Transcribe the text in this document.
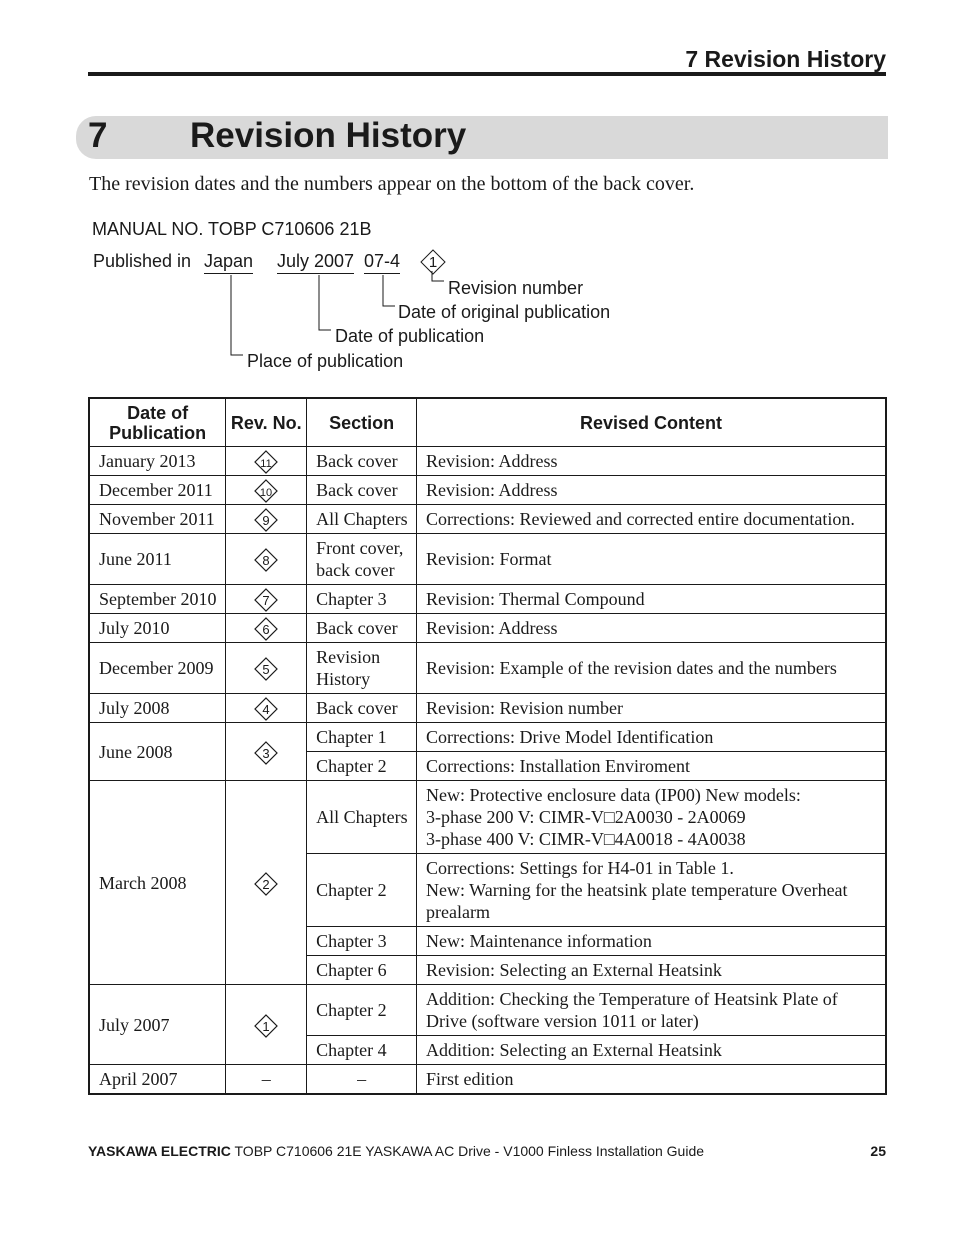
7 Revision History
7 Revision History
The revision dates and the numbers appear on the bottom of the back cover.
1
MANUAL NO. TOBP C710606 21B
Published in Japan July 2007 07-4
Revision number
Date of original publication
Date of publication
Place of publication
Date of Publication	Rev. No.	Section	Revised Content
January 2013	11	Back cover	Revision: Address
December 2011	10	Back cover	Revision: Address
November 2011	9	All Chapters	Corrections: Reviewed and corrected entire documentation.
June 2011	8	Front cover, back cover	Revision: Format
September 2010	7	Chapter 3	Revision: Thermal Compound
July 2010	6	Back cover	Revision: Address
December 2009	5	Revision History	Revision: Example of the revision dates and the numbers
July 2008	4	Back cover	Revision: Revision number
June 2008	3	Chapter 1	Corrections: Drive Model Identification
		Chapter 2	Corrections: Installation Enviroment
March 2008	2	All Chapters	New: Protective enclosure data (IP00) New models:
3-phase 200 V: CIMR-V□2A0030 - 2A0069
3-phase 400 V: CIMR-V□4A0018 - 4A0038
		Chapter 2	Corrections: Settings for H4-01 in Table 1.
New: Warning for the heatsink plate temperature Overheat prealarm
		Chapter 3	New: Maintenance information
		Chapter 6	Revision: Selecting an External Heatsink
July 2007	1	Chapter 2	Addition: Checking the Temperature of Heatsink Plate of Drive (software version 1011 or later)
		Chapter 4	Addition: Selecting an External Heatsink
April 2007	–	–	First edition
YASKAWA ELECTRIC TOBP C710606 21E YASKAWA AC Drive - V1000 Finless Installation Guide	25
